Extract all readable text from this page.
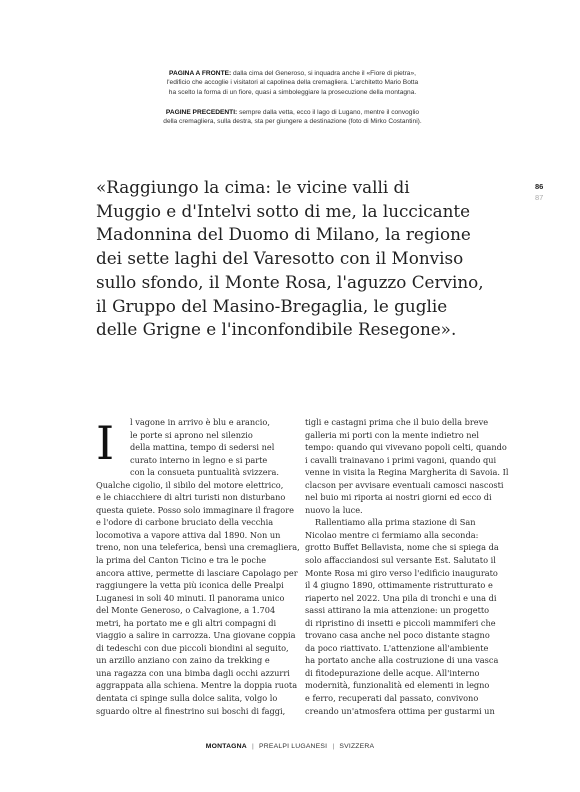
PAGINA A FRONTE: dalla cima del Generoso, si inquadra anche il «Fiore di pietra»,
l'edificio che accoglie i visitatori al capolinea della cremagliera. L'architetto Mario Botta
ha scelto la forma di un fiore, quasi a simboleggiare la prosecuzione della montagna.
PAGINE PRECEDENTI: sempre dalla vetta, ecco il lago di Lugano, mentre il convoglio
della cremagliera, sulla destra, sta per giungere a destinazione (foto di Mirko Costantini).
86
87
«Raggiungo la cima: le vicine valli di
Muggio e d'Intelvi sotto di me, la luccicante
Madonnina del Duomo di Milano, la regione
dei sette laghi del Varesotto con il Monviso
sullo sfondo, il Monte Rosa, l'aguzzo Cervino,
il Gruppo del Masino-Bregaglia, le guglie
delle Grigne e l'inconfondibile Resegone».
I	l vagone in arrivo è blu e arancio,
le porte si aprono nel silenzio
della mattina, tempo di sedersi nel
curato interno in legno e si parte
con la consueta puntualità svizzera.
Qualche cigolio, il sibilo del motore elettrico,
e le chiacchiere di altri turisti non disturbano
questa quiete. Posso solo immaginare il fragore
e l'odore di carbone bruciato della vecchia
locomotiva a vapore attiva dal 1890. Non un
treno, non una teleferica, bensì una cremagliera,
la prima del Canton Ticino e tra le poche
ancora attive, permette di lasciare Capolago per
raggiungere la vetta più iconica delle Prealpi
Luganesi in soli 40 minuti. Il panorama unico
del Monte Generoso, o Calvagione, a 1.704
metri, ha portato me e gli altri compagni di
viaggio a salire in carrozza. Una giovane coppia
di tedeschi con due piccoli biondini al seguito,
un arzillo anziano con zaino da trekking e
una ragazza con una bimba dagli occhi azzurri
aggrappata alla schiena. Mentre la doppia ruota
dentata ci spinge sulla dolce salita, volgo lo
sguardo oltre al finestrino sui boschi di faggi,
tigli e castagni prima che il buio della breve
galleria mi porti con la mente indietro nel
tempo: quando qui vivevano popoli celti, quando
i cavalli trainavano i primi vagoni, quando qui
venne in visita la Regina Margherita di Savoia. Il
clacson per avvisare eventuali camosci nascosti
nel buio mi riporta ai nostri giorni ed ecco di
nuovo la luce.
Rallentiamo alla prima stazione di San
Nicolao mentre ci fermiamo alla seconda:
grotto Buffet Bellavista, nome che si spiega da
solo affacciandosi sul versante Est. Salutato il
Monte Rosa mi giro verso l'edificio inaugurato
il 4 giugno 1890, ottimamente ristrutturato e
riaperto nel 2022. Una pila di tronchi e una di
sassi attirano la mia attenzione: un progetto
di ripristino di insetti e piccoli mammiferi che
trovano casa anche nel poco distante stagno
da poco riattivato. L'attenzione all'ambiente
ha portato anche alla costruzione di una vasca
di fitodepurazione delle acque. All'interno
modernità, funzionalità ed elementi in legno
e ferro, recuperati dal passato, convivono
creando un'atmosfera ottima per gustarmi un
MONTAGNA | PREALPI LUGANESI | SVIZZERA
